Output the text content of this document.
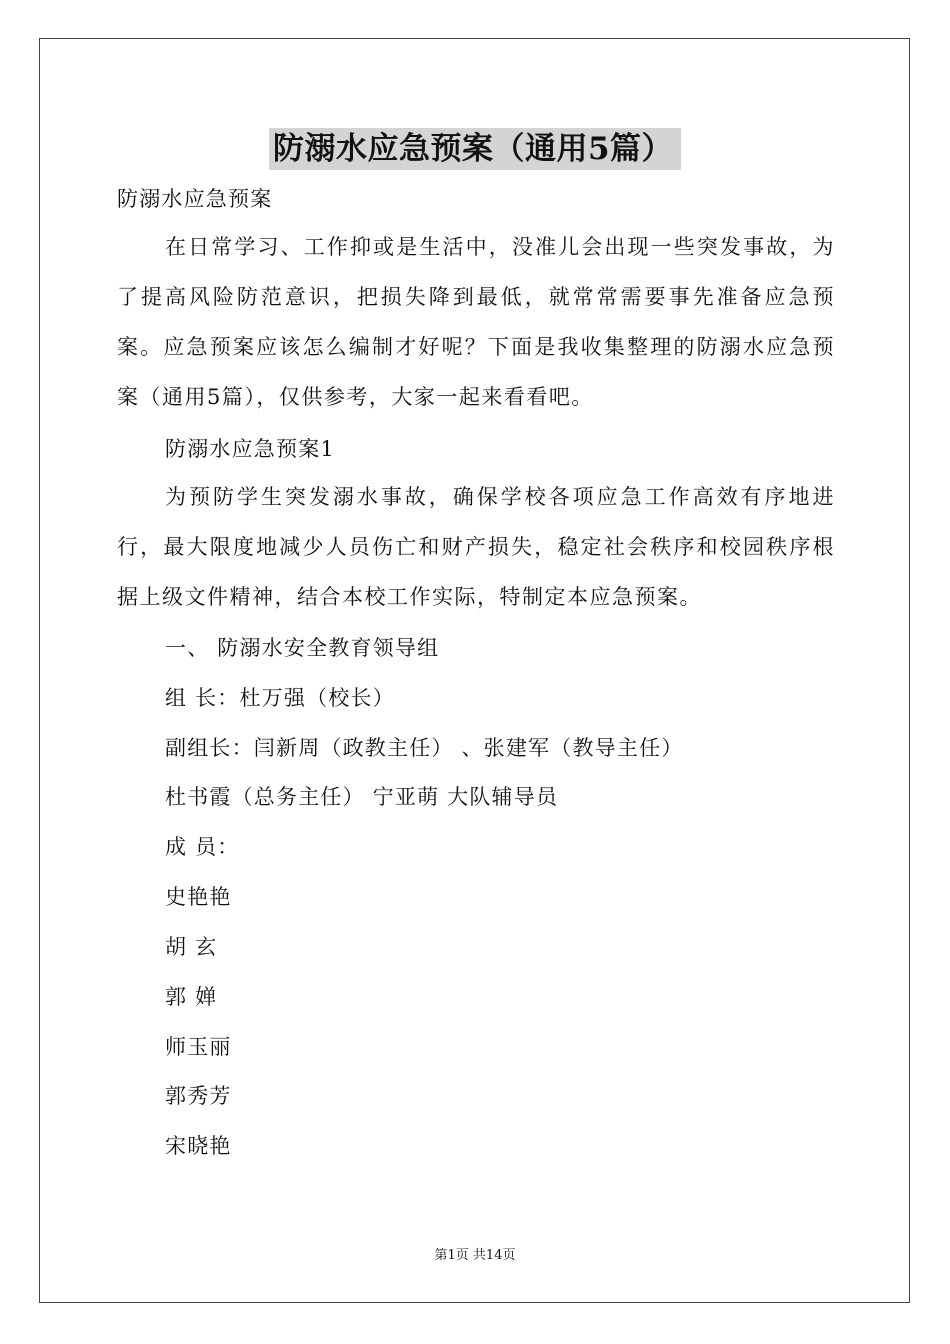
防溺水应急预案（通用5篇）
防溺水应急预案
在日常学习、工作抑或是生活中，没准儿会出现一些突发事故，为了提高风险防范意识，把损失降到最低，就常常需要事先准备应急预案。应急预案应该怎么编制才好呢？下面是我收集整理的防溺水应急预案（通用5篇），仅供参考，大家一起来看看吧。
防溺水应急预案1
为预防学生突发溺水事故，确保学校各项应急工作高效有序地进行，最大限度地减少人员伤亡和财产损失，稳定社会秩序和校园秩序根据上级文件精神，结合本校工作实际，特制定本应急预案。
一、 防溺水安全教育领导组
组 长：杜万强（校长）
副组长：闫新周（政教主任） 、张建军（教导主任）
杜书霞（总务主任） 宁亚萌 大队辅导员
成 员：
史艳艳
胡 玄
郭 婵
师玉丽
郭秀芳
宋晓艳
第1页 共14页
